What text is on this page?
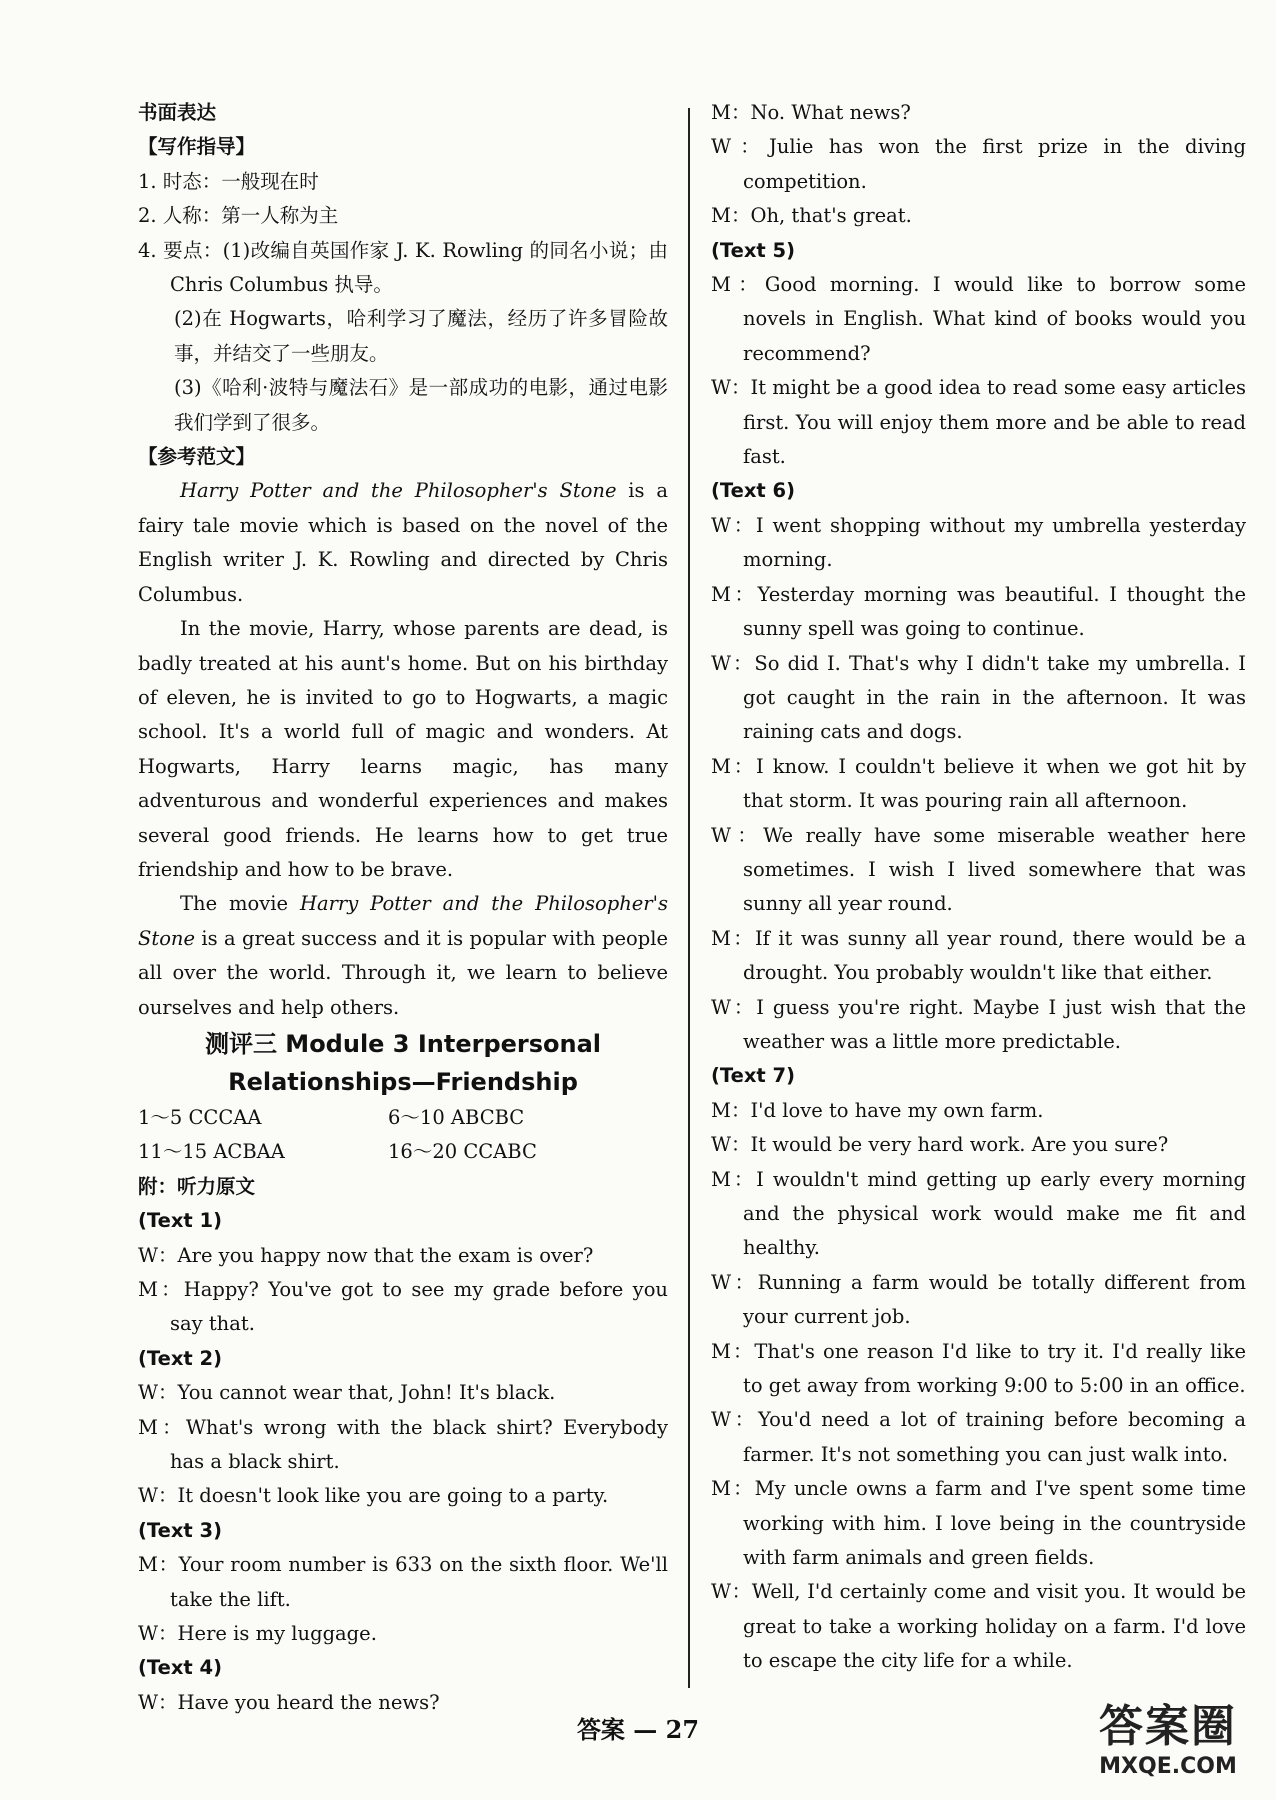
书面表达
【写作指导】
1. 时态：一般现在时
2. 人称：第一人称为主
4. 要点：(1)改编自英国作家 J. K. Rowling 的同名小说；由 Chris Columbus 执导。
(2)在 Hogwarts，哈利学习了魔法，经历了许多冒险故事，并结交了一些朋友。
(3)《哈利·波特与魔法石》是一部成功的电影，通过电影我们学到了很多。
【参考范文】
Harry Potter and the Philosopher's Stone is a fairy tale movie which is based on the novel of the English writer J. K. Rowling and directed by Chris Columbus.
In the movie, Harry, whose parents are dead, is badly treated at his aunt's home. But on his birthday of eleven, he is invited to go to Hogwarts, a magic school. It's a world full of magic and wonders. At Hogwarts, Harry learns magic, has many adventurous and wonderful experiences and makes several good friends. He learns how to get true friendship and how to be brave.
The movie Harry Potter and the Philosopher's Stone is a great success and it is popular with people all over the world. Through it, we learn to believe ourselves and help others.
测评三 Module 3 Interpersonal
Relationships—Friendship
1～5 CCCAA	6～10 ABCBC
11～15 ACBAA	16～20 CCABC
附：听力原文
(Text 1)
W：Are you happy now that the exam is over?
M：Happy? You've got to see my grade before you say that.
(Text 2)
W：You cannot wear that, John! It's black.
M：What's wrong with the black shirt? Everybody has a black shirt.
W：It doesn't look like you are going to a party.
(Text 3)
M：Your room number is 633 on the sixth floor. We'll take the lift.
W：Here is my luggage.
(Text 4)
W：Have you heard the news?
M：No. What news?
W：Julie has won the first prize in the diving competition.
M：Oh, that's great.
(Text 5)
M：Good morning. I would like to borrow some novels in English. What kind of books would you recommend?
W：It might be a good idea to read some easy articles first. You will enjoy them more and be able to read fast.
(Text 6)
W：I went shopping without my umbrella yesterday morning.
M：Yesterday morning was beautiful. I thought the sunny spell was going to continue.
W：So did I. That's why I didn't take my umbrella. I got caught in the rain in the afternoon. It was raining cats and dogs.
M：I know. I couldn't believe it when we got hit by that storm. It was pouring rain all afternoon.
W：We really have some miserable weather here sometimes. I wish I lived somewhere that was sunny all year round.
M：If it was sunny all year round, there would be a drought. You probably wouldn't like that either.
W：I guess you're right. Maybe I just wish that the weather was a little more predictable.
(Text 7)
M：I'd love to have my own farm.
W：It would be very hard work. Are you sure?
M：I wouldn't mind getting up early every morning and the physical work would make me fit and healthy.
W：Running a farm would be totally different from your current job.
M：That's one reason I'd like to try it. I'd really like to get away from working 9:00 to 5:00 in an office.
W：You'd need a lot of training before becoming a farmer. It's not something you can just walk into.
M：My uncle owns a farm and I've spent some time working with him. I love being in the countryside with farm animals and green fields.
W：Well, I'd certainly come and visit you. It would be great to take a working holiday on a farm. I'd love to escape the city life for a while.
答案 — 27	答案圈
MXQE.COM
